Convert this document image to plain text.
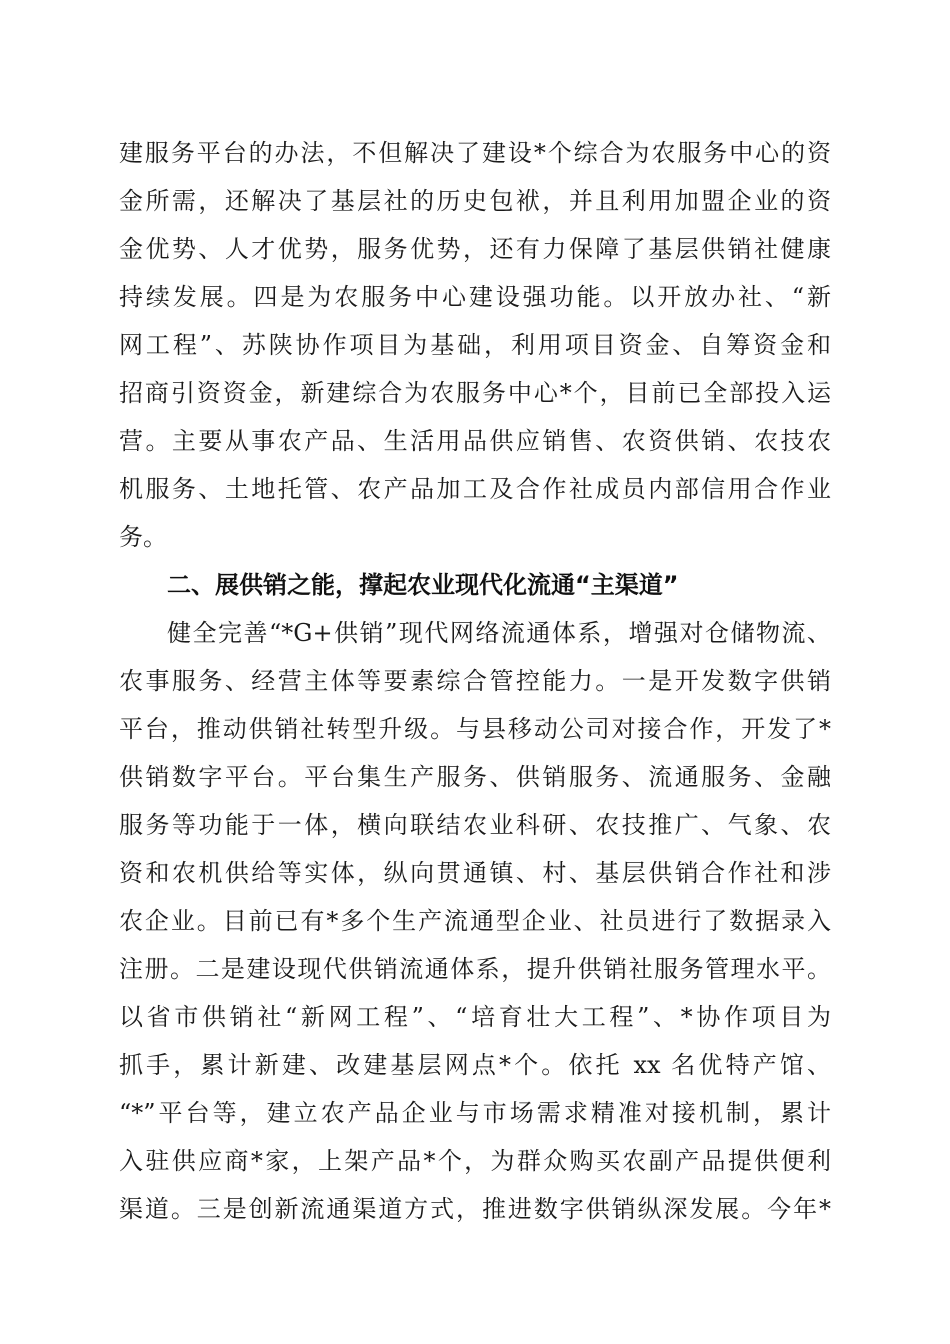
建服务平台的办法，不但解决了建设*个综合为农服务中心的资
金所需，还解决了基层社的历史包袱，并且利用加盟企业的资
金优势、人才优势，服务优势，还有力保障了基层供销社健康
持续发展。四是为农服务中心建设强功能。以开放办社、“新
网工程”、苏陕协作项目为基础，利用项目资金、自筹资金和
招商引资资金，新建综合为农服务中心*个，目前已全部投入运
营。主要从事农产品、生活用品供应销售、农资供销、农技农
机服务、土地托管、农产品加工及合作社成员内部信用合作业
务。
二、展供销之能，撑起农业现代化流通“主渠道”
健全完善“*G+供销”现代网络流通体系，增强对仓储物流、
农事服务、经营主体等要素综合管控能力。一是开发数字供销
平台，推动供销社转型升级。与县移动公司对接合作，开发了*
供销数字平台。平台集生产服务、供销服务、流通服务、金融
服务等功能于一体，横向联结农业科研、农技推广、气象、农
资和农机供给等实体，纵向贯通镇、村、基层供销合作社和涉
农企业。目前已有*多个生产流通型企业、社员进行了数据录入
注册。二是建设现代供销流通体系，提升供销社服务管理水平。
以省市供销社“新网工程”、“培育壮大工程”、*协作项目为
抓手，累计新建、改建基层网点*个。依托 xx 名优特产馆、
“*”平台等，建立农产品企业与市场需求精准对接机制，累计
入驻供应商*家，上架产品*个，为群众购买农副产品提供便利
渠道。三是创新流通渠道方式，推进数字供销纵深发展。今年*
